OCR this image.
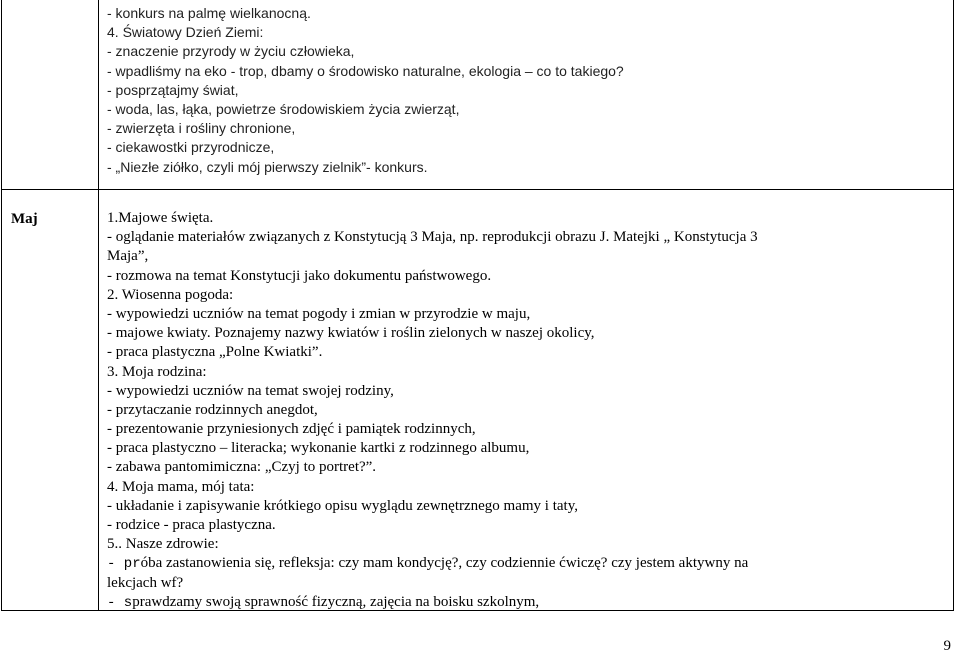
- konkurs na palmę wielkanocną.
4. Światowy Dzień Ziemi:
- znaczenie przyrody w życiu człowieka,
- wpadliśmy na eko - trop, dbamy o środowisko naturalne, ekologia – co to takiego?
- posprzątajmy świat,
- woda, las, łąka, powietrze środowiskiem życia zwierząt,
- zwierzęta i rośliny chronione,
- ciekawostki przyrodnicze,
- „Niezłe ziółko, czyli mój pierwszy zielnik”- konkurs.
Maj	1.Majowe święta.
- oglądanie materiałów związanych z Konstytucją 3 Maja, np. reprodukcji obrazu J. Matejki „ Konstytucja 3
Maja”,
- rozmowa na temat Konstytucji jako dokumentu państwowego.
2. Wiosenna pogoda:
- wypowiedzi uczniów na temat pogody i zmian w przyrodzie w maju,
- majowe kwiaty. Poznajemy nazwy kwiatów i roślin zielonych w naszej okolicy,
- praca plastyczna „Polne Kwiatki”.
3. Moja rodzina:
- wypowiedzi uczniów na temat swojej rodziny,
- przytaczanie rodzinnych anegdot,
- prezentowanie przyniesionych zdjęć i pamiątek rodzinnych,
- praca plastyczno – literacka; wykonanie kartki z rodzinnego albumu,
- zabawa pantomimiczna: „Czyj to portret?”.
4. Moja mama, mój tata:
- układanie i zapisywanie krótkiego opisu wyglądu zewnętrznego mamy i taty,
- rodzice - praca plastyczna.
5.. Nasze zdrowie:
- próba zastanowienia się, refleksja: czy mam kondycję?, czy codziennie ćwiczę? czy jestem aktywny na
lekcjach wf?
- sprawdzamy swoją sprawność fizyczną, zajęcia na boisku szkolnym,
9
